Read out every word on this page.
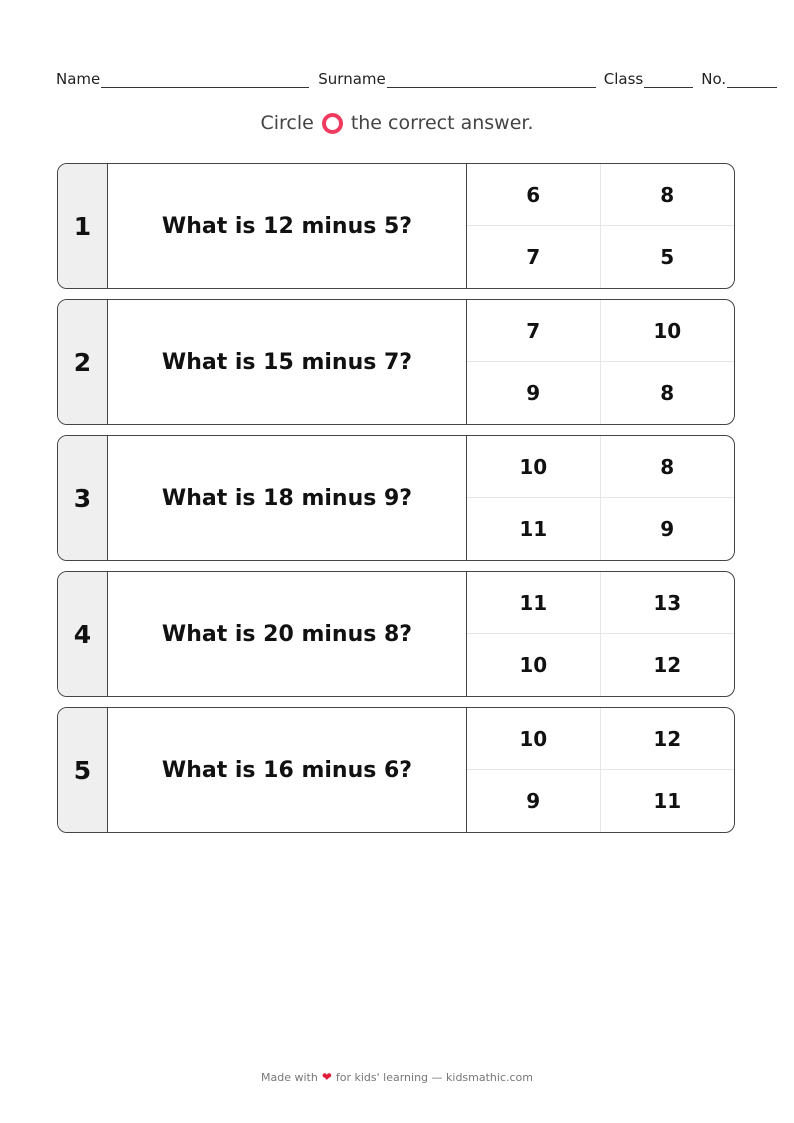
Name	Surname	Class	No.
Circle the correct answer.
1	What is 12 minus 5?
6	8
7	5
2	What is 15 minus 7?
7	10
9	8
3	What is 18 minus 9?
10	8
11	9
4	What is 20 minus 8?
11	13
10	12
5	What is 16 minus 6?
10	12
9	11
Made with ❤ for kids' learning — kidsmathic.com
